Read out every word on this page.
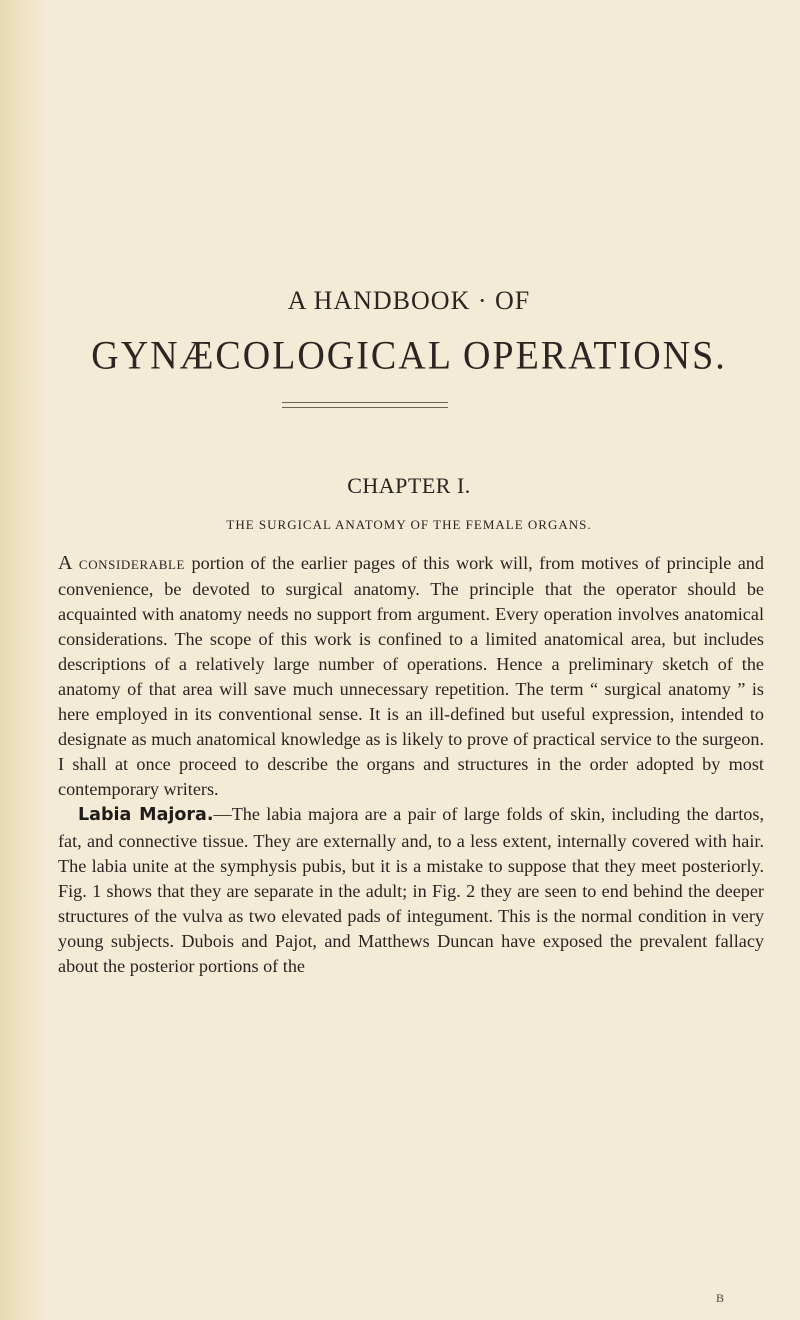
A HANDBOOK · OF
GYNÆCOLOGICAL OPERATIONS.
CHAPTER I.
THE SURGICAL ANATOMY OF THE FEMALE ORGANS.

A CONSIDERABLE portion of the earlier pages of this work will, from motives of principle and convenience, be devoted to surgical anatomy. The principle that the operator should be acquainted with anatomy needs no support from argument. Every operation involves anatomical considerations. The scope of this work is confined to a limited anatomical area, but includes descriptions of a relatively large number of operations. Hence a preliminary sketch of the anatomy of that area will save much unnecessary repetition. The term “ surgical anatomy ” is here employed in its conventional sense. It is an ill-defined but useful expression, intended to designate as much anatomical knowledge as is likely to prove of practical service to the surgeon. I shall at once proceed to describe the organs and structures in the order adopted by most contemporary writers.

Labia Majora.—The labia majora are a pair of large folds of skin, including the dartos, fat, and connective tissue. They are externally and, to a less extent, internally covered with hair. The labia unite at the symphysis pubis, but it is a mistake to suppose that they meet posteriorly. Fig. 1 shows that they are separate in the adult; in Fig. 2 they are seen to end behind the deeper structures of the vulva as two elevated pads of integument. This is the normal condition in very young subjects. Dubois and Pajot, and Matthews Duncan have exposed the prevalent fallacy about the posterior portions of the

B
